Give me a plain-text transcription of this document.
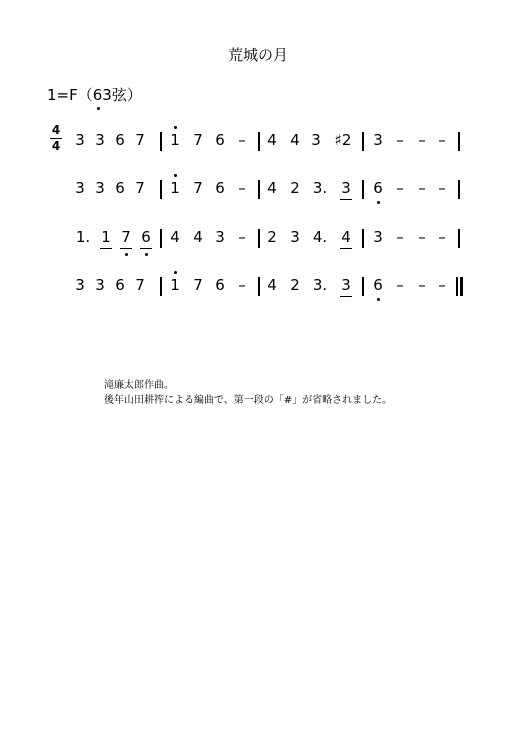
荒城の月
1=F（6
3弦）
4
4 3 3 6 7 1 7 6 – 4 4 3 ♯2 3 – – –
3 3 6 7 1 7 6 – 4 2 3. 3 6 – – –
1. 1 7 6 4 4 3 – 2 3 4. 4 3 – – –
3 3 6 7 1 7 6 – 4 2 3. 3 6 – – –
滝廉太郎作曲。
後年山田耕筰による編曲で、第一段の「#」が省略されました。
